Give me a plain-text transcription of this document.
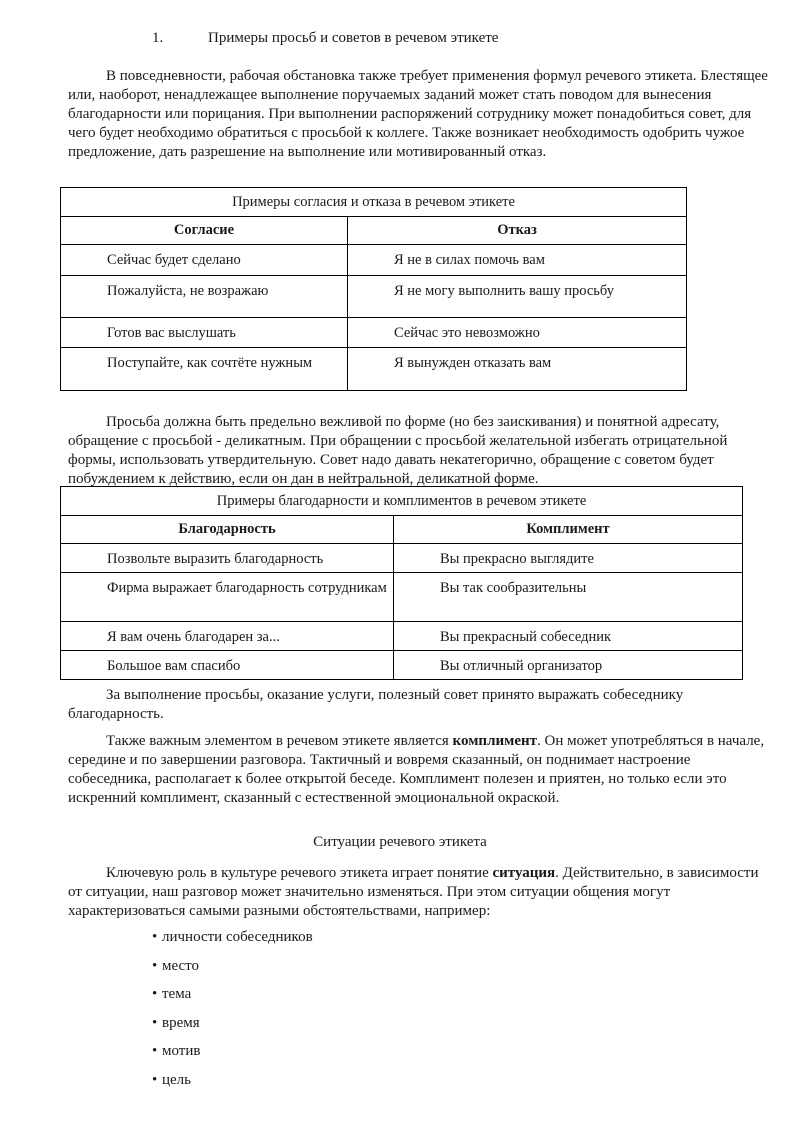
1.	Примеры просьб и советов в речевом этикете

В повседневности, рабочая обстановка также требует применения формул речевого этикета. Блестящее или, наоборот, ненадлежащее выполнение поручаемых заданий может стать поводом для вынесения благодарности или порицания. При выполнении распоряжений сотруднику может понадобиться совет, для чего будет необходимо обратиться с просьбой к коллеге. Также возникает необходимость одобрить чужое предложение, дать разрешение на выполнение или мотивированный отказ.

Примеры согласия и отказа в речевом этикете	
Согласие	Отказ
Сейчас будет сделано	Я не в силах помочь вам
Пожалуйста, не возражаю	Я не могу выполнить вашу просьбу
Готов вас выслушать	Сейчас это невозможно
Поступайте, как сочтёте нужным	Я вынужден отказать вам

Просьба должна быть предельно вежливой по форме (но без заискивания) и понятной адресату, обращение с просьбой - деликатным. При обращении с просьбой желательной избегать отрицательной формы, использовать утвердительную. Совет надо давать некатегорично, обращение с советом будет побуждением к действию, если он дан в нейтральной, деликатной форме.

Примеры благодарности и комплиментов в речевом этикете	
Благодарность	Комплимент
Позвольте выразить благодарность	Вы прекрасно выглядите
Фирма выражает благодарность сотрудникам	Вы так сообразительны
Я вам очень благодарен за...	Вы прекрасный собеседник
Большое вам спасибо	Вы отличный организатор

За выполнение просьбы, оказание услуги, полезный совет принято выражать собеседнику благодарность.

Также важным элементом в речевом этикете является комплимент. Он может употребляться в начале, середине и по завершении разговора. Тактичный и вовремя сказанный, он поднимает настроение собеседника, располагает к более открытой беседе. Комплимент полезен и приятен, но только если это искренний комплимент, сказанный с естественной эмоциональной окраской.

Ситуации речевого этикета

Ключевую роль в культуре речевого этикета играет понятие ситуация. Действительно, в зависимости от ситуации, наш разговор может значительно изменяться. При этом ситуации общения могут характеризоваться самыми разными обстоятельствами, например:

• личности собеседников
• место
• тема
• время
• мотив
• цель
